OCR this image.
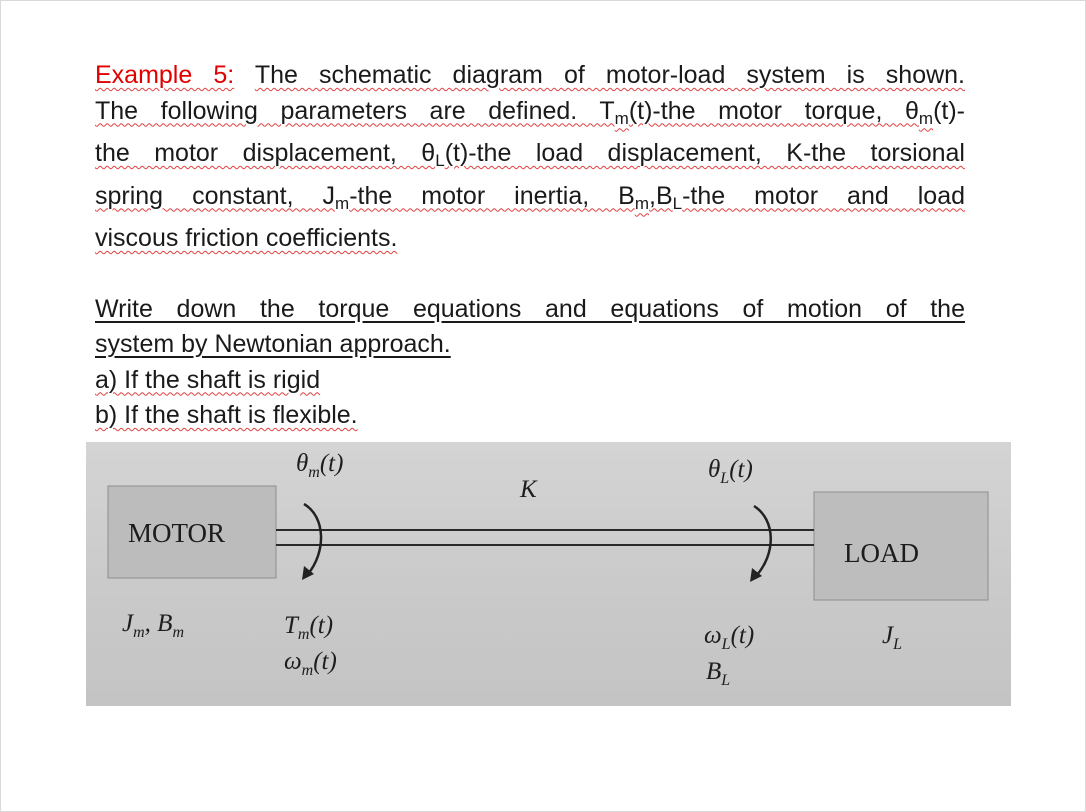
Example 5: The schematic diagram of motor-load system is shown.
The following parameters are defined. $T_m(t)$-the motor torque, $\theta_m(t)-$
the motor displacement, $\theta_L(t)$-the load displacement, K-the torsional
spring constant, $J_m$-the motor inertia, $B_m,B_L$-the motor and load
viscous friction coefficients.

Write down the torque equations and equations of motion of the
system by Newtonian approach.
a) If the shaft is rigid
b) If the shaft is flexible.
MOTOR
LOAD
$\theta_m(t)$
K
$\theta_L(t)$
$J_m$, $B_m$	$T_m(t)$
$\omega_m(t)$
$\omega_L(t)$
$B_L$
$J_L$
